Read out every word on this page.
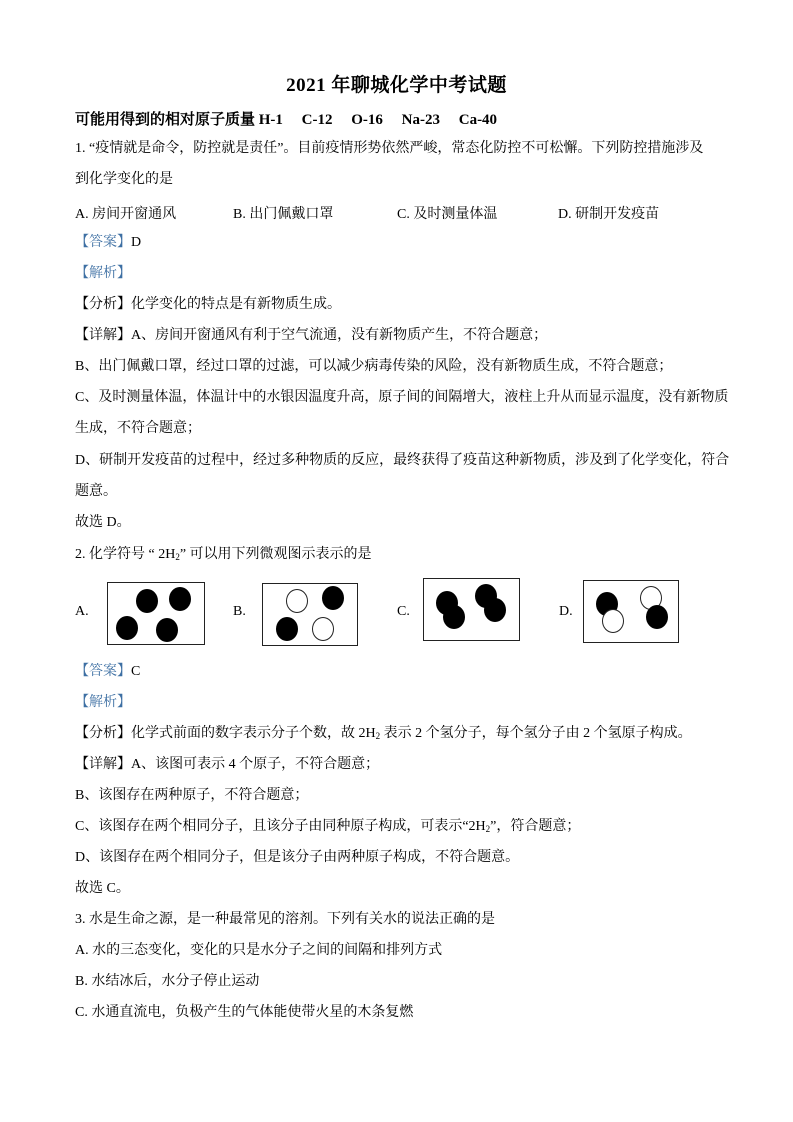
2021 年聊城化学中考试题
可能用得到的相对原子质量 H-1     C-12     O-16     Na-23     Ca-40
1. “疫情就是命令，防控就是责任”。目前疫情形势依然严峻，常态化防控不可松懈。下列防控措施涉及
到化学变化的是
A. 房间开窗通风	B. 出门佩戴口罩	C. 及时测量体温	D. 研制开发疫苗
【答案】D
【解析】
【分析】化学变化的特点是有新物质生成。
【详解】A、房间开窗通风有利于空气流通，没有新物质产生，不符合题意；
B、出门佩戴口罩，经过口罩的过滤，可以减少病毒传染的风险，没有新物质生成，不符合题意；
C、及时测量体温，体温计中的水银因温度升高，原子间的间隔增大，液柱上升从而显示温度，没有新物质
生成，不符合题意；
D、研制开发疫苗的过程中，经过多种物质的反应，最终获得了疫苗这种新物质，涉及到了化学变化，符合
题意。
故选 D。
2. 化学符号 “ $2H_2$” 可以用下列微观图示表示的是
A.	B.	C.	D.
【答案】C
【解析】
【分析】化学式前面的数字表示分子个数，故 $2H_2$ 表示 2 个氢分子，每个氢分子由 2 个氢原子构成。
【详解】A、该图可表示 4 个原子，不符合题意；
B、该图存在两种原子，不符合题意；
C、该图存在两个相同分子，且该分子由同种原子构成，可表示“$2H_2$”，符合题意；
D、该图存在两个相同分子，但是该分子由两种原子构成，不符合题意。
故选 C。
3. 水是生命之源，是一种最常见的溶剂。下列有关水的说法正确的是
A. 水的三态变化，变化的只是水分子之间的间隔和排列方式
B. 水结冰后，水分子停止运动
C. 水通直流电，负极产生的气体能使带火星的木条复燃
